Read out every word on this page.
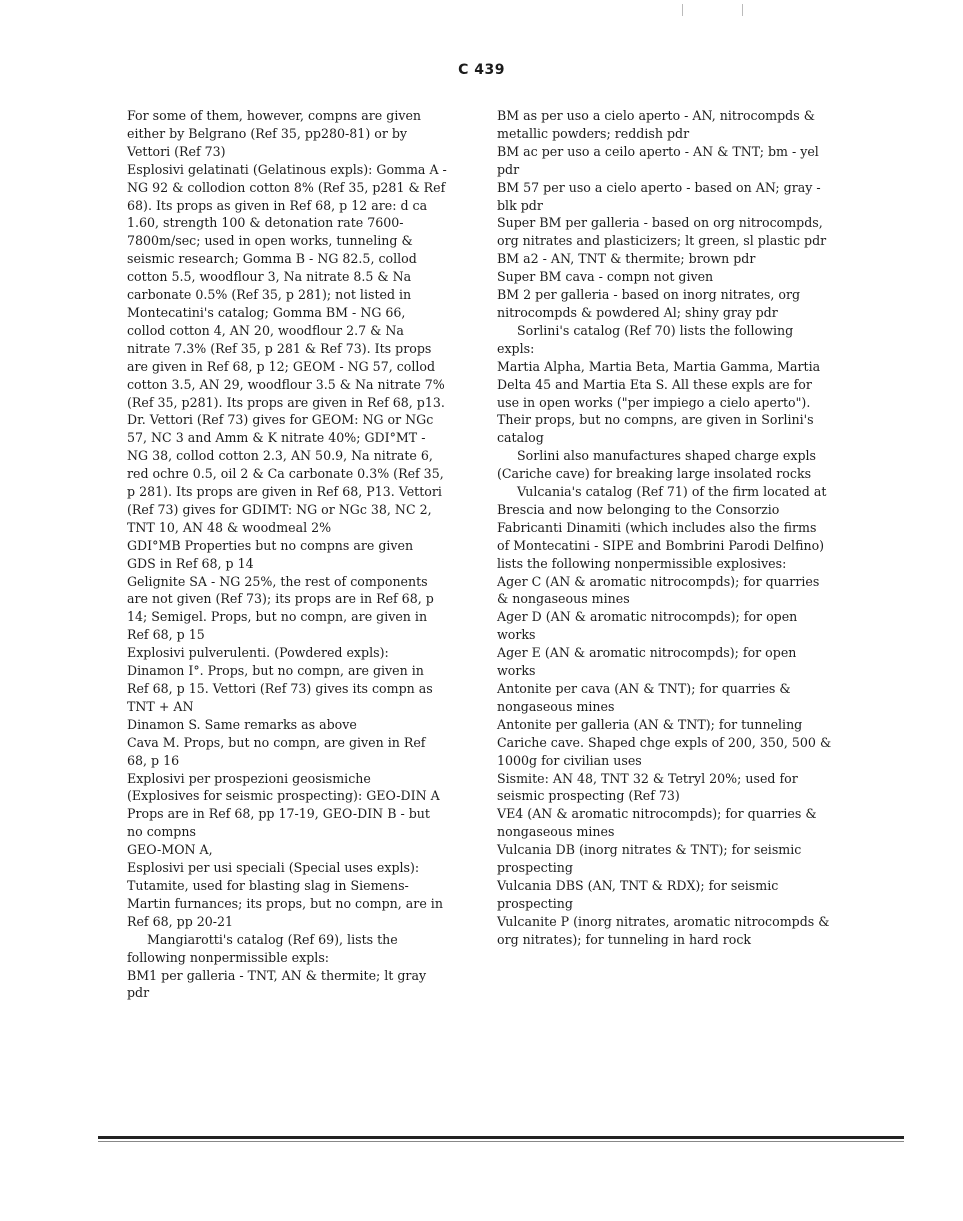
C 439

For some of them, however, compns are given either by Belgrano (Ref 35, pp280-81) or by Vettori (Ref 73)

Esplosivi gelatinati (Gelatinous expls): Gomma A - NG 92 & collodion cotton 8% (Ref 35, p281 & Ref 68). Its props as given in Ref 68, p 12 are: d ca 1.60, strength 100 & detonation rate 7600-7800m/sec; used in open works, tunneling & seismic research; Gomma B - NG 82.5, collod cotton 5.5, woodflour 3, Na nitrate 8.5 & Na carbonate 0.5% (Ref 35, p 281); not listed in Montecatini's catalog; Gomma BM - NG 66, collod cotton 4, AN 20, woodflour 2.7 & Na nitrate 7.3% (Ref 35, p 281 & Ref 73). Its props are given in Ref 68, p 12; GEOM - NG 57, collod cotton 3.5, AN 29, woodflour 3.5 & Na nitrate 7% (Ref 35, p281). Its props are given in Ref 68, p13. Dr. Vettori (Ref 73) gives for GEOM: NG or NGc 57, NC 3 and Amm & K nitrate 40%; GDI°MT - NG 38, collod cotton 2.3, AN 50.9, Na nitrate 6, red ochre 0.5, oil 2 & Ca carbonate 0.3% (Ref 35, p 281). Its props are given in Ref 68, P13. Vettori (Ref 73) gives for GDIMT: NG or NGc 38, NC 2, TNT 10, AN 48 & woodmeal 2%

GDI°MB Properties but no compns are given

GDS in Ref 68, p 14

Gelignite SA - NG 25%, the rest of components are not given (Ref 73); its props are in Ref 68, p 14; Semigel. Props, but no compn, are given in Ref 68, p 15

Explosivi pulverulenti. (Powdered expls): Dinamon I°. Props, but no compn, are given in Ref 68, p 15. Vettori (Ref 73) gives its compn as TNT + AN

Dinamon S. Same remarks as above

Cava M. Props, but no compn, are given in Ref 68, p 16

Explosivi per prospezioni geosismiche (Explosives for seismic prospecting): GEO-DIN A Props are in Ref 68, pp 17-19, GEO-DIN B - but no compns

GEO-MON A,

Esplosivi per usi speciali (Special uses expls): Tutamite, used for blasting slag in Siemens-Martin furnances; its props, but no compn, are in Ref 68, pp 20-21

Mangiarotti's catalog (Ref 69), lists the following nonpermissible expls:

BM1 per galleria - TNT, AN & thermite; lt gray pdr

BM as per uso a cielo aperto - AN, nitrocompds & metallic powders; reddish pdr

BM ac per uso a ceilo aperto - AN & TNT; bm - yel pdr

BM 57 per uso a cielo aperto - based on AN; gray - blk pdr

Super BM per galleria - based on org nitrocompds, org nitrates and plasticizers; lt green, sl plastic pdr

BM a2 - AN, TNT & thermite; brown pdr

Super BM cava - compn not given

BM 2 per galleria - based on inorg nitrates, org nitrocompds & powdered Al; shiny gray pdr

Sorlini's catalog (Ref 70) lists the following expls:

Martia Alpha, Martia Beta, Martia Gamma, Martia Delta 45 and Martia Eta S. All these expls are for use in open works ("per impiego a cielo aperto"). Their props, but no compns, are given in Sorlini's catalog

Sorlini also manufactures shaped charge expls (Cariche cave) for breaking large insolated rocks

Vulcania's catalog (Ref 71) of the firm located at Brescia and now belonging to the Consorzio Fabricanti Dinamiti (which includes also the firms of Montecatini - SIPE and Bombrini Parodi Delfino) lists the following nonpermissible explosives:

Ager C (AN & aromatic nitrocompds); for quarries & nongaseous mines

Ager D (AN & aromatic nitrocompds); for open works

Ager E (AN & aromatic nitrocompds); for open works

Antonite per cava (AN & TNT); for quarries & nongaseous mines

Antonite per galleria (AN & TNT); for tunneling

Cariche cave. Shaped chge expls of 200, 350, 500 & 1000g for civilian uses

Sismite: AN 48, TNT 32 & Tetryl 20%; used for seismic prospecting (Ref 73)

VE4 (AN & aromatic nitrocompds); for quarries & nongaseous mines

Vulcania DB (inorg nitrates & TNT); for seismic prospecting

Vulcania DBS (AN, TNT & RDX); for seismic prospecting

Vulcanite P (inorg nitrates, aromatic nitrocompds & org nitrates); for tunneling in hard rock
